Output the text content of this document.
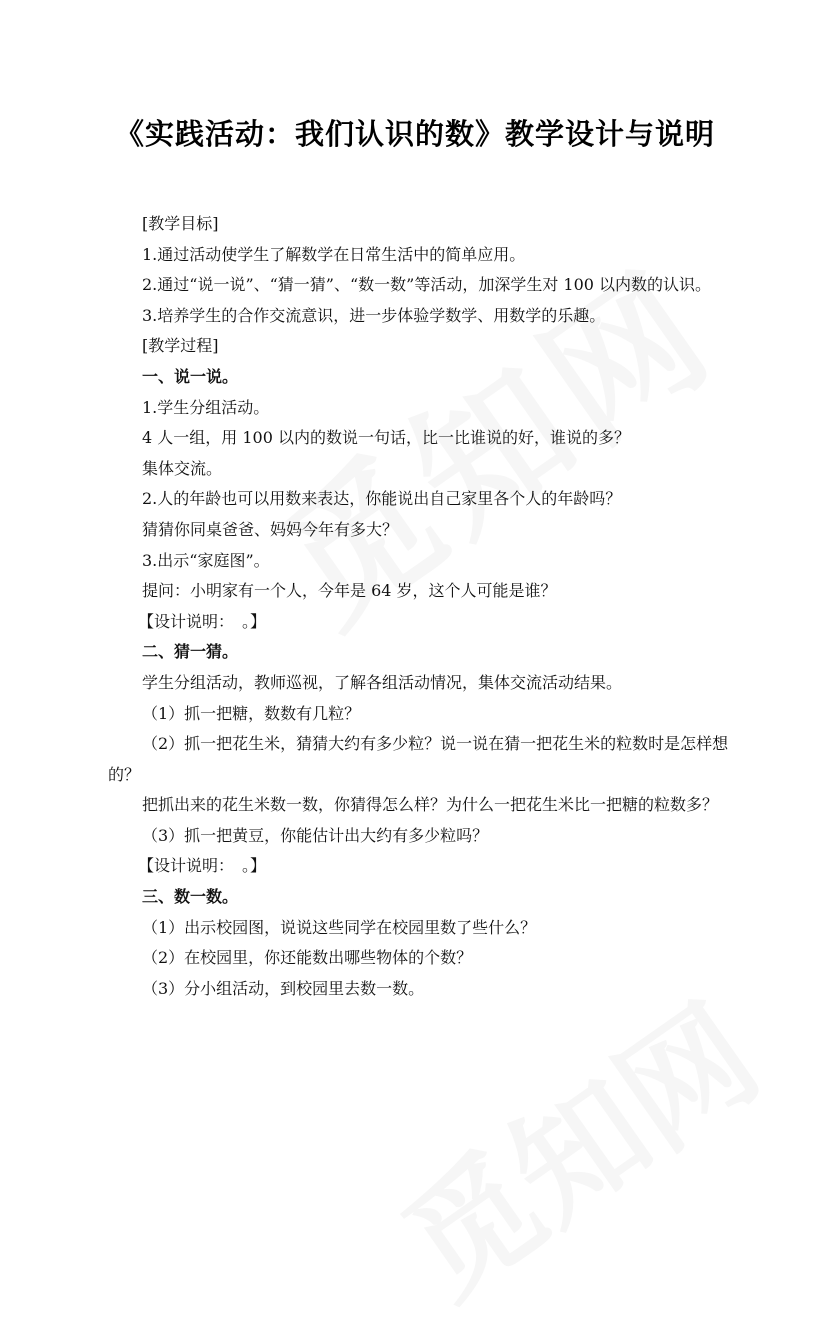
《实践活动：我们认识的数》教学设计与说明

[教学目标]

1.通过活动使学生了解数学在日常生活中的简单应用。

2.通过“说一说”、“猜一猜”、“数一数”等活动，加深学生对 100 以内数的认识。

3.培养学生的合作交流意识，进一步体验学数学、用数学的乐趣。

[教学过程]

一、说一说。

1.学生分组活动。

4 人一组，用 100 以内的数说一句话，比一比谁说的好，谁说的多？

集体交流。

2.人的年龄也可以用数来表达，你能说出自己家里各个人的年龄吗？

猜猜你同桌爸爸、妈妈今年有多大？

3.出示“家庭图”。

提问：小明家有一个人，今年是 64 岁，这个人可能是谁？

【设计说明：　。】

二、猜一猜。

学生分组活动，教师巡视，了解各组活动情况，集体交流活动结果。

（1）抓一把糖，数数有几粒？

（2）抓一把花生米，猜猜大约有多少粒？说一说在猜一把花生米的粒数时是怎样想的？

把抓出来的花生米数一数，你猜得怎么样？为什么一把花生米比一把糖的粒数多？

（3）抓一把黄豆，你能估计出大约有多少粒吗？

【设计说明：　。】

三、数一数。

（1）出示校园图，说说这些同学在校园里数了些什么？

（2）在校园里，你还能数出哪些物体的个数？

（3）分小组活动，到校园里去数一数。
